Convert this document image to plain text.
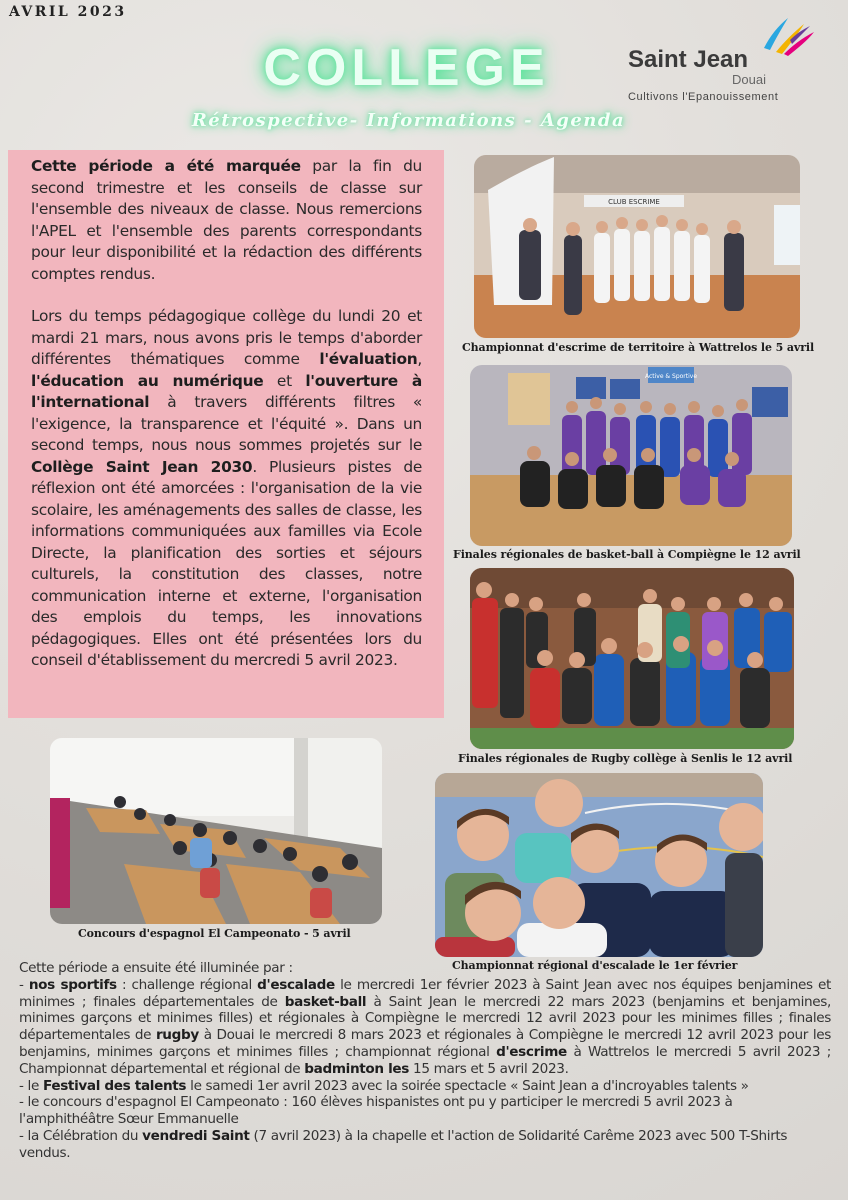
AVRIL 2023
COLLEGE
Rétrospective- Informations - Agenda
Saint Jean
Douai
Cultivons l'Epanouissement

Cette période a été marquée par la fin du second trimestre et les conseils de classe sur l'ensemble des niveaux de classe. Nous remercions l'APEL et l'ensemble des parents correspondants pour leur disponibilité et la rédaction des différents comptes rendus.

Lors du temps pédagogique collège du lundi 20 et mardi 21 mars, nous avons pris le temps d'aborder différentes thématiques comme l'évaluation, l'éducation au numérique et l'ouverture à l'international à travers différents filtres « l'exigence, la transparence et l'équité ». Dans un second temps, nous nous sommes projetés sur le Collège Saint Jean 2030. Plusieurs pistes de réflexion ont été amorcées : l'organisation de la vie scolaire, les aménagements des salles de classe, les informations communiquées aux familles via Ecole Directe, la planification des sorties et séjours culturels, la constitution des classes, notre communication interne et externe, l'organisation des emplois du temps, les innovations pédagogiques. Elles ont été présentées lors du conseil d'établissement du mercredi 5 avril 2023.

CLUB ESCRIME
Championnat d'escrime de territoire à Wattrelos le 5 avril
Active & Sportive
Finales régionales de basket-ball à Compiègne le 12 avril
Finales régionales de Rugby collège à Senlis le 12 avril
Concours d'espagnol El Campeonato - 5 avril
Championnat régional d'escalade le 1er février

Cette période a ensuite été illuminée par :

- nos sportifs : challenge régional d'escalade le mercredi 1er février 2023 à Saint Jean avec nos équipes benjamines et minimes ; finales départementales de basket-ball à Saint Jean le mercredi 22 mars 2023 (benjamins et benjamines, minimes garçons et minimes filles) et régionales à Compiègne le mercredi 12 avril 2023 pour les minimes filles ; finales départementales de rugby à Douai le mercredi 8 mars 2023 et régionales à Compiègne le mercredi 12 avril 2023 pour les benjamins, minimes garçons et minimes filles ; championnat régional d'escrime à Wattrelos le mercredi 5 avril 2023 ; Championnat départemental et régional de badminton les 15 mars et 5 avril 2023.

- le Festival des talents le samedi 1er avril 2023 avec la soirée spectacle « Saint Jean a d'incroyables talents »

- le concours d'espagnol El Campeonato : 160 élèves hispanistes ont pu y participer le mercredi 5 avril 2023 à l'amphithéâtre Sœur Emmanuelle

- la Célébration du vendredi Saint (7 avril 2023) à la chapelle et l'action de Solidarité Carême 2023 avec 500 T-Shirts vendus.
